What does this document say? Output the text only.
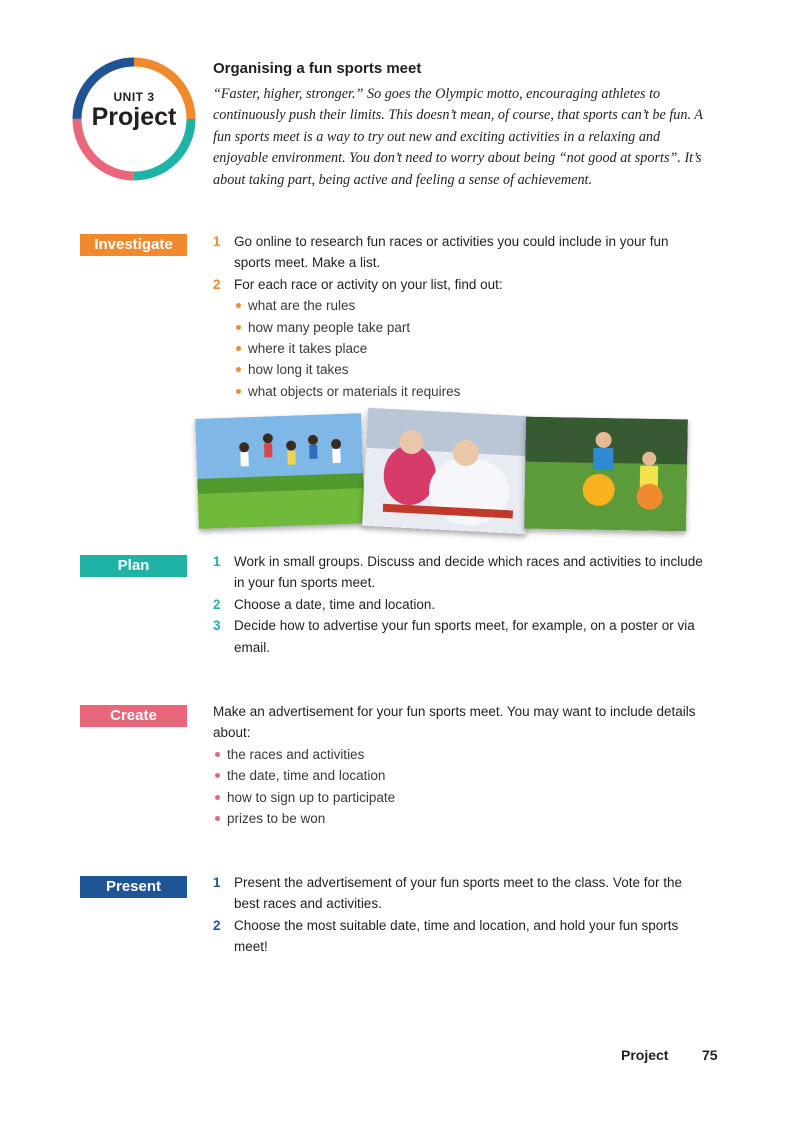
UNIT 3
Project
Organising a fun sports meet

“Faster, higher, stronger.” So goes the Olympic motto, encouraging athletes to continuously push their limits. This doesn’t mean, of course, that sports can’t be fun. A fun sports meet is a way to try out new and exciting activities in a relaxing and enjoyable environment. You don’t need to worry about being “not good at sports”. It’s about taking part, being active and feeling a sense of achievement.

Investigate	1 Go online to research fun races or activities you could include in your fun sports meet. Make a list.
2 For each race or activity on your list, find out:
what are the rules
how many people take part
where it takes place
how long it takes
what objects or materials it requires
Plan	1 Work in small groups. Discuss and decide which races and activities to include in your fun sports meet.
2 Choose a date, time and location.
3 Decide how to advertise your fun sports meet, for example, on a poster or via email.
Create	Make an advertisement for your fun sports meet. You may want to include details about:
the races and activities
the date, time and location
how to sign up to participate
prizes to be won
Present	1 Present the advertisement of your fun sports meet to the class. Vote for the best races and activities.
2 Choose the most suitable date, time and location, and hold your fun sports meet!
Project 75
